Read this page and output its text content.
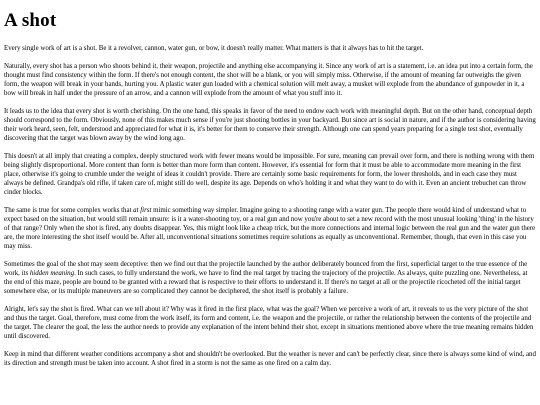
A shot

Every single work of art is a shot. Be it a revolver, cannon, water gun, or bow, it doesn't really matter. What matters is that it always has to hit the target.

Naturally, every shot has a person who shoots behind it, their weapon, projectile and anything else accompanying it. Since any work of art is a statement, i.e. an idea put into a certain form, the thought must find consistency within the form. If there's not enough content, the shot will be a blank, or you will simply miss. Otherwise, if the amount of meaning far outweighs the given form, the weapon will break in your hands, hurting you. A plastic water gun loaded with a chemical solution will melt away, a musket will explode from the abundance of gunpowder in it, a bow will break in half under the pressure of an arrow, and a cannon will explode from the amount of what you stuff into it.

It leads us to the idea that every shot is worth cherishing. On the one hand, this speaks in favor of the need to endow each work with meaningful depth. But on the other hand, conceptual depth should correspond to the form. Obviously, none of this makes much sense if you're just shooting bottles in your backyard. But since art is social in nature, and if the author is considering having their work heard, seen, felt, understood and appreciated for what it is, it's better for them to conserve their strength. Although one can spend years preparing for a single test shot, eventually discovering that the target was blown away by the wind long ago.

This doesn't at all imply that creating a complex, deeply structured work with fewer means would be impossible. For sure, meaning can prevail over form, and there is nothing wrong with them being slightly disproportional. More content than form is better than more form than content. However, it's essential for form that it must be able to accommodate more meaning in the first place, otherwise it's going to crumble under the weight of ideas it couldn't provide. There are certainly some basic requirements for form, the lower thresholds, and in each case they must always be defined. Grandpa's old rifle, if taken care of, might still do well, despite its age. Depends on who's holding it and what they want to do with it. Even an ancient trebuchet can throw cinder blocks.

The same is true for some complex works that at first mimic something way simpler. Imagine going to a shooting range with a water gun. The people there would kind of understand what to expect based on the situation, but would still remain unsure: is it a water-shooting toy, or a real gun and now you're about to set a new record with the most unusual looking 'thing' in the history of that range? Only when the shot is fired, any doubts disappear. Yes, this might look like a cheap trick, but the more connections and internal logic between the real gun and the water gun there are, the more interesting the shot itself would be. After all, unconventional situations sometimes require solutions as equally as unconventional. Remember, though, that even in this case you may miss.

Sometimes the goal of the shot may seem deceptive: then we find out that the projectile launched by the author deliberately bounced from the first, superficial target to the true essence of the work, its hidden meaning. In such cases, to fully understand the work, we have to find the real target by tracing the trajectory of the projectile. As always, quite puzzling one. Nevertheless, at the end of this maze, people are bound to be granted with a reward that is respective to their efforts to understand it. If there's no target at all or the projectile ricocheted off the initial target somewhere else, or its multiple maneuvers are so complicated they cannot be deciphered, the shot itself is probably a failure.

Alright, let's say the shot is fired. What can we tell about it? Why was it fired in the first place, what was the goal? When we perceive a work of art, it reveals to us the very picture of the shot and thus the target. Goal, therefore, must come from the work itself, its form and content, i.e. the weapon and the projectile, or rather the relationship between the contents of the projectile and the target. The clearer the goal, the less the author needs to provide any explanation of the intent behind their shot, except in situations mentioned above where the true meaning remains hidden until discovered.

Keep in mind that different weather conditions accompany a shot and shouldn't be overlooked. But the weather is never and can't be perfectly clear, since there is always some kind of wind, and its direction and strength must be taken into account. A shot fired in a storm is not the same as one fired on a calm day.
